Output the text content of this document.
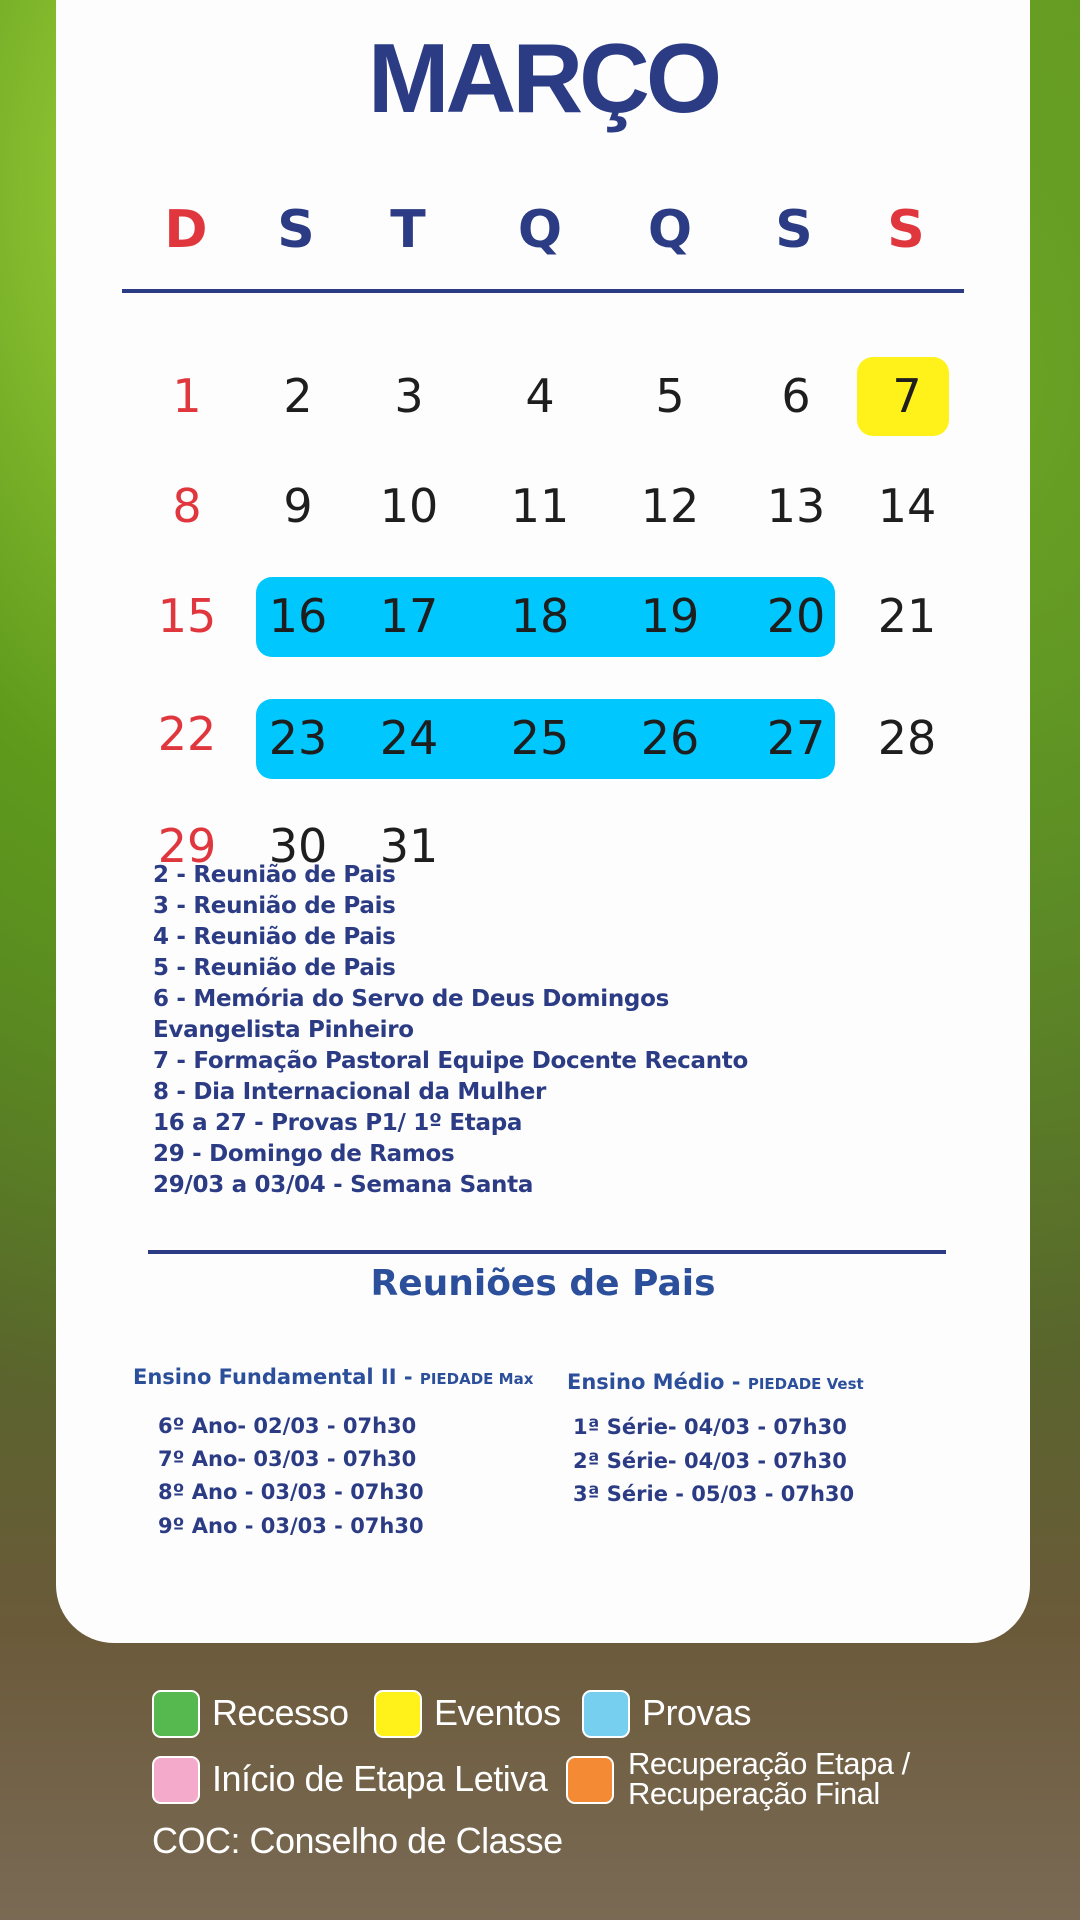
MARÇO
D	S	T	Q	Q	S	S
1	2	3	4	5	6	7
8	9	10	11	12	13	14
15	16	17	18	19	20	21
22	23	24	25	26	27	28
29	30	31
2 - Reunião de Pais
3 - Reunião de Pais
4 - Reunião de Pais
5 - Reunião de Pais
6 - Memória do Servo de Deus Domingos
Evangelista Pinheiro
7 - Formação Pastoral Equipe Docente Recanto
8 - Dia Internacional da Mulher
16 a 27 - Provas P1/ 1º Etapa
29 - Domingo de Ramos
29/03 a 03/04 - Semana Santa
Reuniões de Pais
Ensino Fundamental II - PIEDADE Max
6º Ano- 02/03 - 07h30
7º Ano- 03/03 - 07h30
8º Ano - 03/03 - 07h30
9º Ano - 03/03 - 07h30
Ensino Médio - PIEDADE Vest
1ª Série- 04/03 - 07h30
2ª Série- 04/03 - 07h30
3ª Série - 05/03 - 07h30
Recesso Eventos Provas
Início de Etapa Letiva	Recuperação Etapa /
Recuperação Final
COC: Conselho de Classe
